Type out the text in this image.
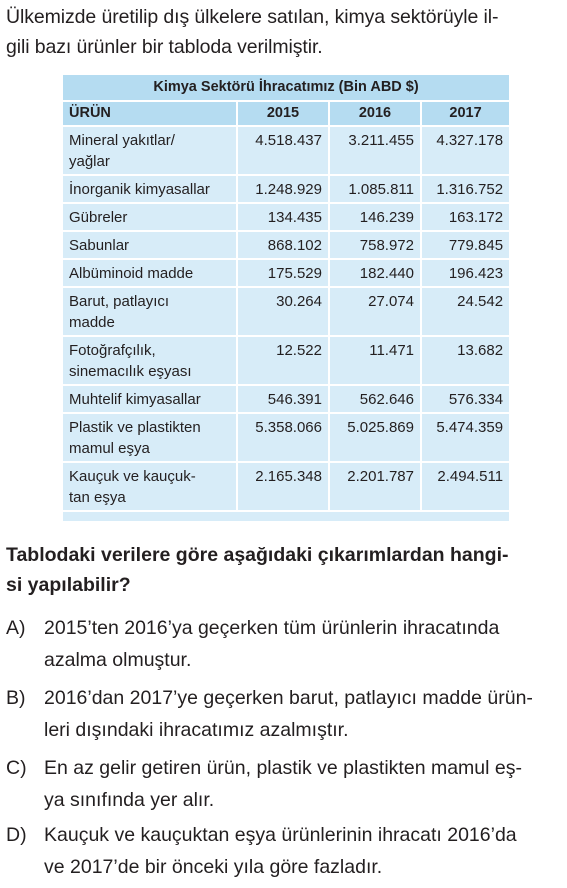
Ülkemizde üretilip dış ülkelere satılan, kimya sektörüyle il-
gili bazı ürünler bir tabloda verilmiştir.
Kimya Sektörü İhracatımız (Bin ABD $)			
ÜRÜN	2015	2016	2017

Mineral yakıtlar/
yağlar	4.518.437	3.211.455	4.327.178

İnorganik kimyasallar	1.248.929	1.085.811	1.316.752

Gübreler	134.435	146.239	163.172

Sabunlar	868.102	758.972	779.845

Albüminoid madde	175.529	182.440	196.423

Barut, patlayıcı
madde	30.264	27.074	24.542

Fotoğrafçılık,
sinemacılık eşyası	12.522	11.471	13.682

Muhtelif kimyasallar	546.391	562.646	576.334

Plastik ve plastikten
mamul eşya	5.358.066	5.025.869	5.474.359

Kauçuk ve kauçuk-
tan eşya	2.165.348	2.201.787	2.494.511
Tablodaki verilere göre aşağıdaki çıkarımlardan hangi-
si yapılabilir?
A) 2015’ten 2016’ya geçerken tüm ürünlerin ihracatında
azalma olmuştur.
B) 2016’dan 2017’ye geçerken barut, patlayıcı madde ürün-
leri dışındaki ihracatımız azalmıştır.
C) En az gelir getiren ürün, plastik ve plastikten mamul eş-
ya sınıfında yer alır.
D) Kauçuk ve kauçuktan eşya ürünlerinin ihracatı 2016’da
ve 2017’de bir önceki yıla göre fazladır.
